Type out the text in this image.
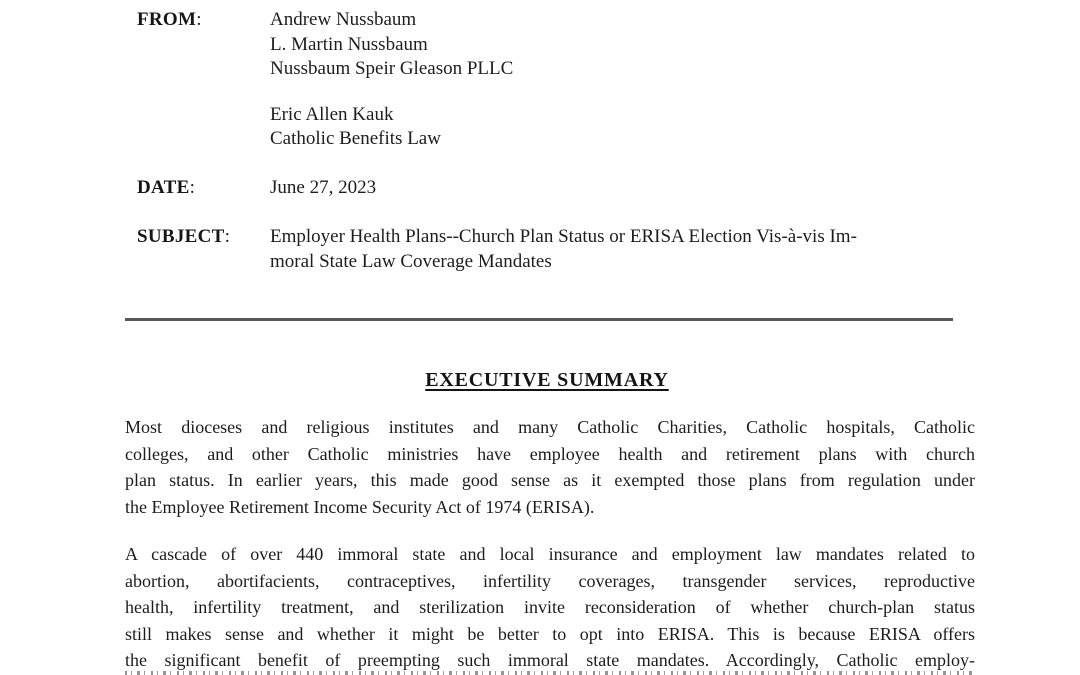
FROM:	Andrew Nussbaum
L. Martin Nussbaum
Nussbaum Speir Gleason PLLC
Eric Allen Kauk
Catholic Benefits Law
DATE:	June 27, 2023
SUBJECT:	Employer Health Plans--Church Plan Status or ERISA Election Vis-à-vis Im-
moral State Law Coverage Mandates
EXECUTIVE SUMMARY
Most dioceses and religious institutes and many Catholic Charities, Catholic hospitals, Catholic
colleges, and other Catholic ministries have employee health and retirement plans with church
plan status. In earlier years, this made good sense as it exempted those plans from regulation under
the Employee Retirement Income Security Act of 1974 (ERISA).
A cascade of over 440 immoral state and local insurance and employment law mandates related to
abortion, abortifacients, contraceptives, infertility coverages, transgender services, reproductive
health, infertility treatment, and sterilization invite reconsideration of whether church-plan status
still makes sense and whether it might be better to opt into ERISA. This is because ERISA offers
the significant benefit of preempting such immoral state mandates. Accordingly, Catholic employ-
